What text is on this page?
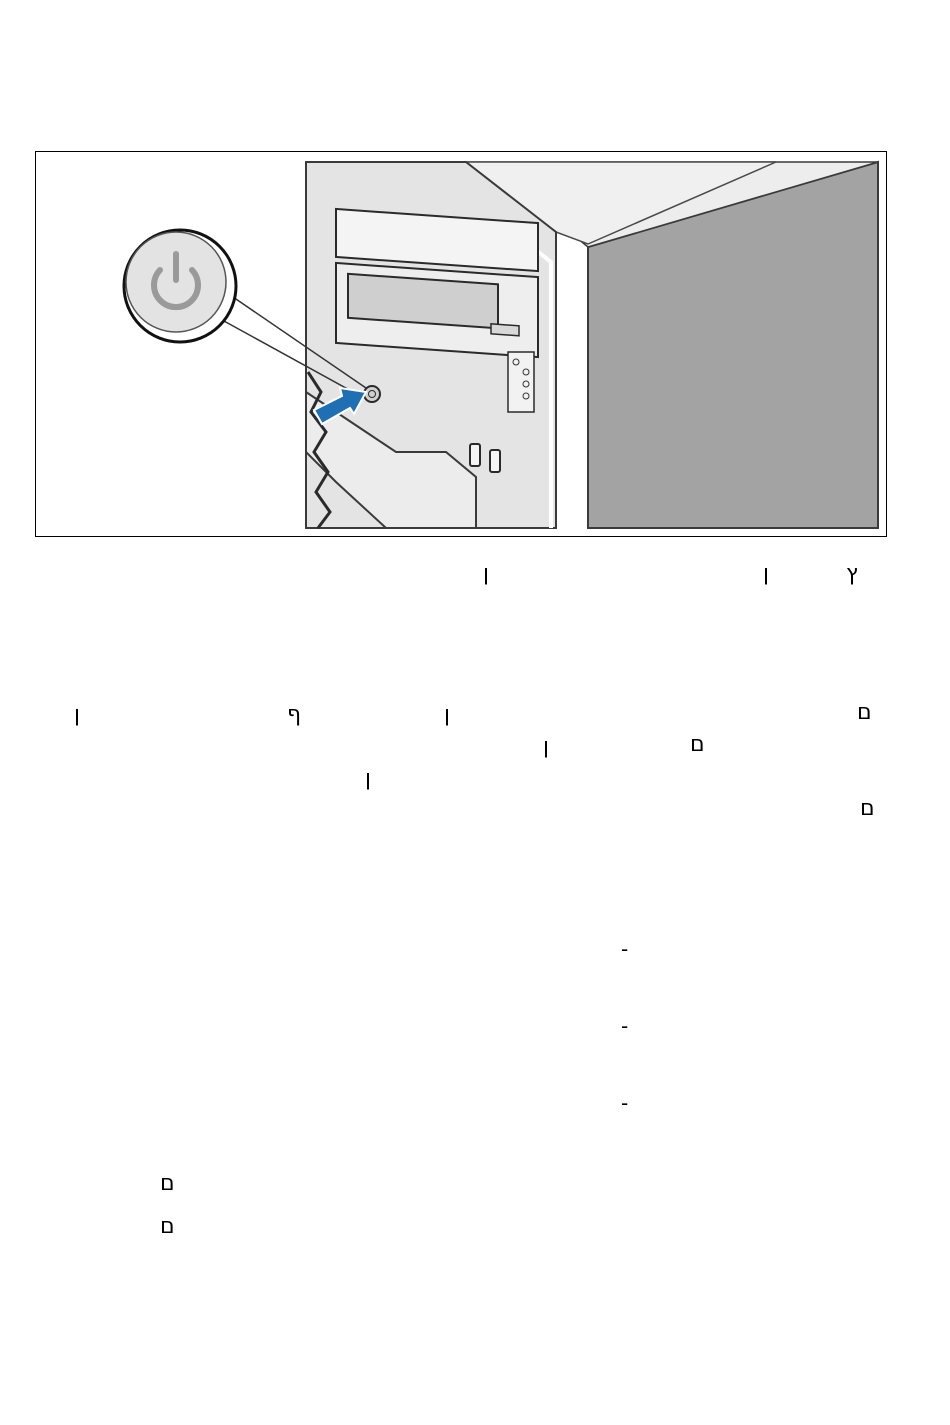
ן	ן	ץ
ן	ף	ן	ם
ן	ם
ן
ם
-
-
-
ם
ם
